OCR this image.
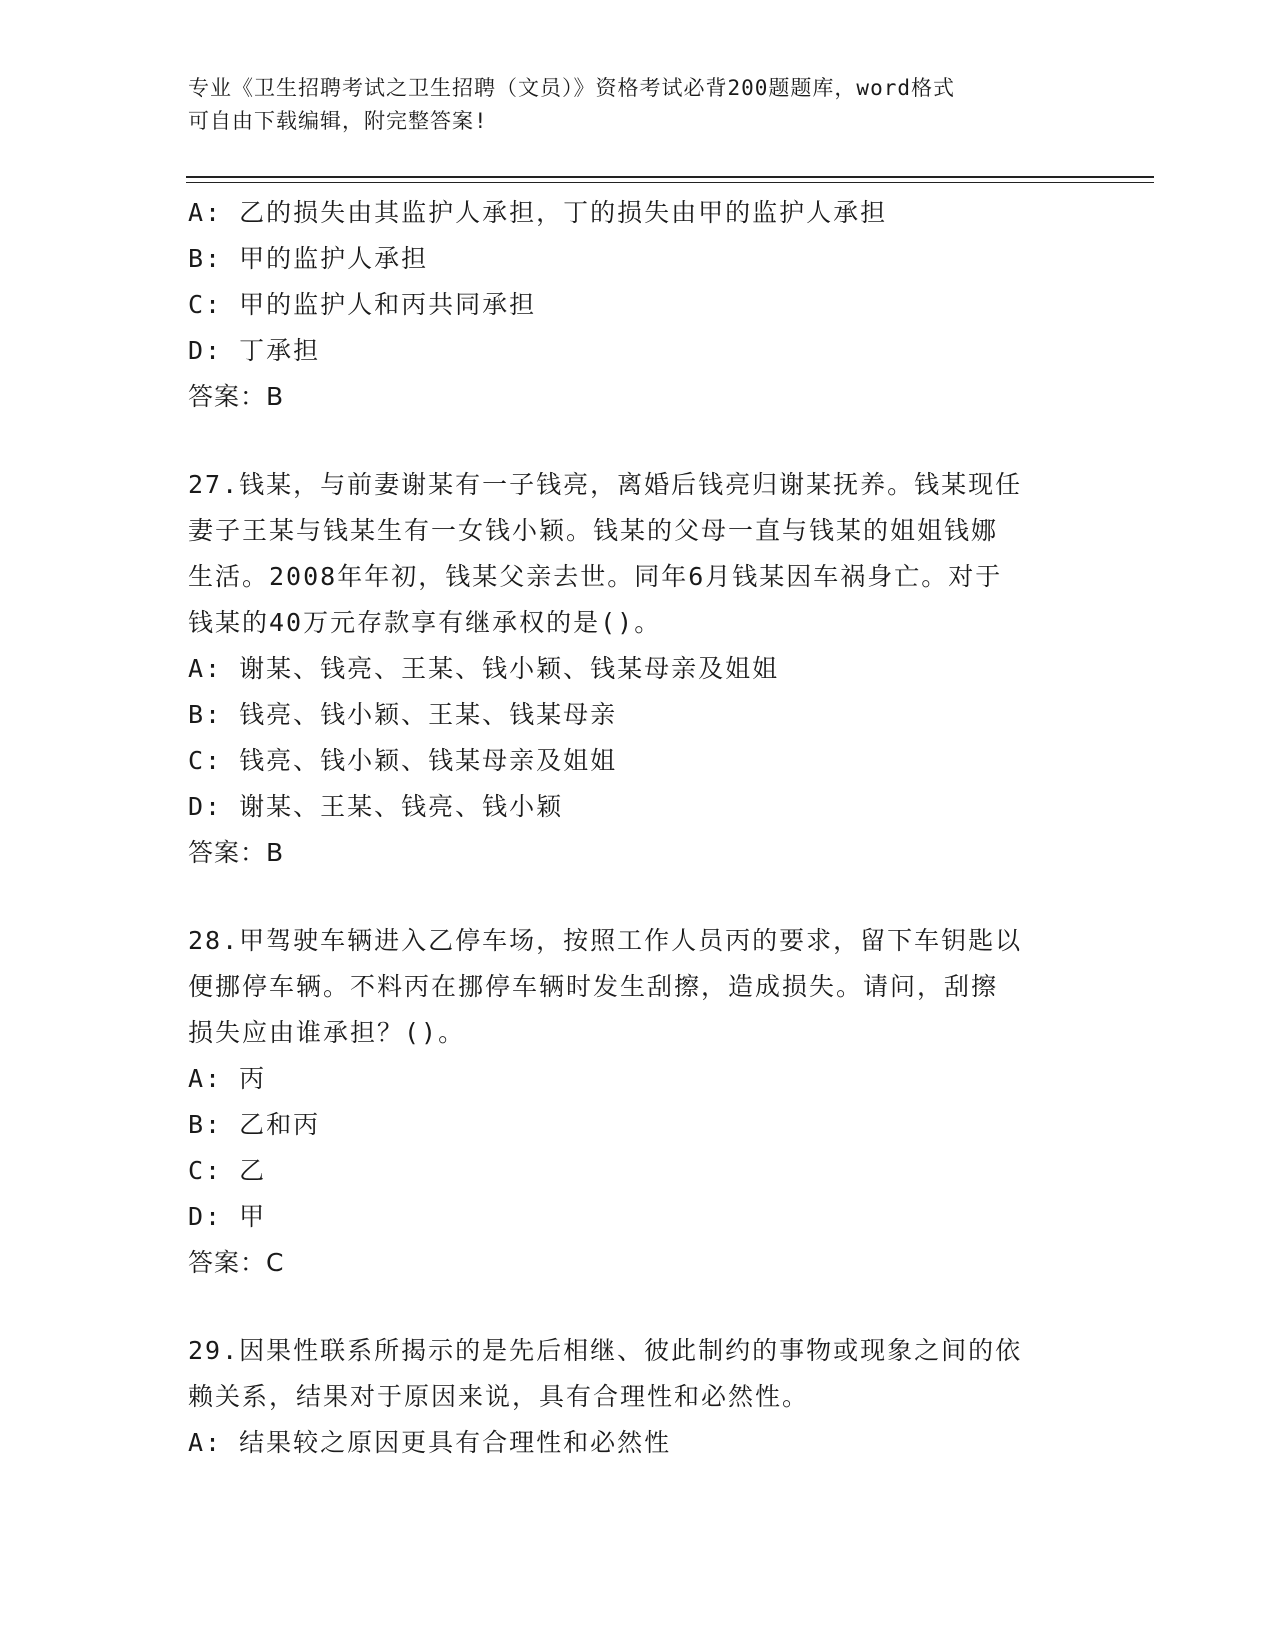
专业《卫生招聘考试之卫生招聘（文员）》资格考试必背200题题库，word格式
可自由下载编辑，附完整答案!
A: 乙的损失由其监护人承担，丁的损失由甲的监护人承担
B: 甲的监护人承担
C: 甲的监护人和丙共同承担
D: 丁承担
答案：B
27.钱某，与前妻谢某有一子钱亮，离婚后钱亮归谢某抚养。钱某现任
妻子王某与钱某生有一女钱小颖。钱某的父母一直与钱某的姐姐钱娜
生活。2008年年初，钱某父亲去世。同年6月钱某因车祸身亡。对于
钱某的40万元存款享有继承权的是()。
A: 谢某、钱亮、王某、钱小颖、钱某母亲及姐姐
B: 钱亮、钱小颖、王某、钱某母亲
C: 钱亮、钱小颖、钱某母亲及姐姐
D: 谢某、王某、钱亮、钱小颖
答案：B
28.甲驾驶车辆进入乙停车场，按照工作人员丙的要求，留下车钥匙以
便挪停车辆。不料丙在挪停车辆时发生刮擦，造成损失。请问，刮擦
损失应由谁承担？()。
A: 丙
B: 乙和丙
C: 乙
D: 甲
答案：C
29.因果性联系所揭示的是先后相继、彼此制约的事物或现象之间的依
赖关系，结果对于原因来说，具有合理性和必然性。
A: 结果较之原因更具有合理性和必然性
